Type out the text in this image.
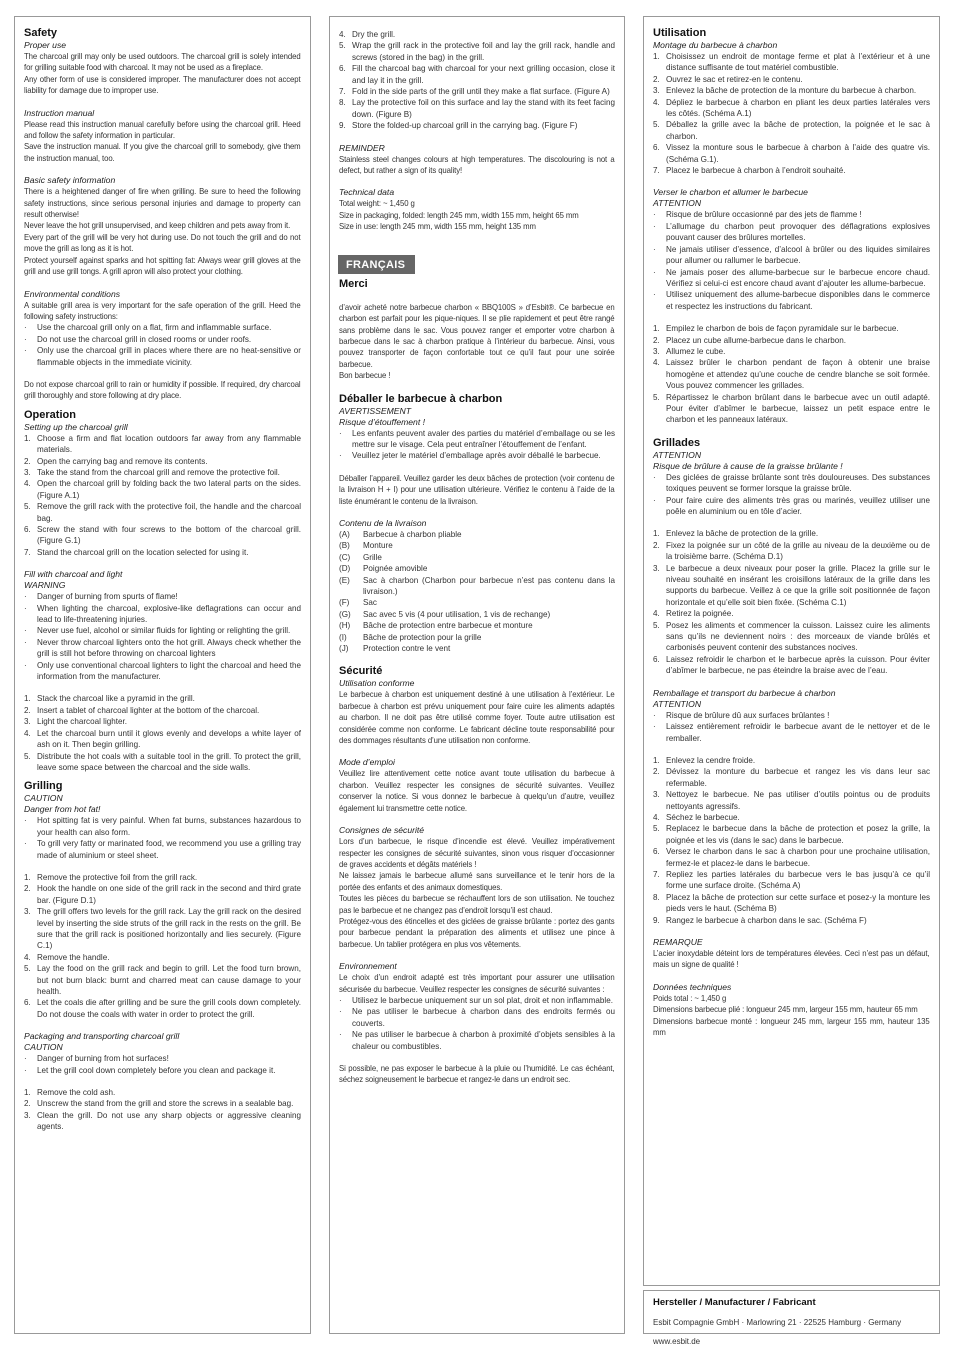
Safety

Proper use

The charcoal grill may only be used outdoors. The charcoal grill is solely intended for grilling suitable food with charcoal. It may not be used as a fireplace.

Any other form of use is considered improper. The manufacturer does not accept liability for damage due to improper use.

Instruction manual

Please read this instruction manual carefully before using the charcoal grill. Heed and follow the safety information in particular.

Save the instruction manual. If you give the charcoal grill to somebody, give them the instruction manual, too.

Basic safety information

There is a heightened danger of fire when grilling. Be sure to heed the following safety instructions, since serious personal injuries and damage to property can result otherwise!

Never leave the hot grill unsupervised, and keep children and pets away from it.

Every part of the grill will be very hot during use. Do not touch the grill and do not move the grill as long as it is hot.

Protect yourself against sparks and hot spitting fat: Always wear grill gloves at the grill and use grill tongs. A grill apron will also protect your clothing.

Environmental conditions

A suitable grill area is very important for the safe operation of the grill. Heed the following safety instructions:

·	Use the charcoal grill only on a flat, firm and inflammable surface.
·	Do not use the charcoal grill in closed rooms or under roofs.
·	Only use the charcoal grill in places where there are no heat-sensitive or flammable objects in the immediate vicinity.

Do not expose charcoal grill to rain or humidity if possible. If required, dry charcoal grill thoroughly and store following at dry place.

Operation

Setting up the charcoal grill

1. Choose a firm and flat location outdoors far away from any flammable materials.
2. Open the carrying bag and remove its contents.
3. Take the stand from the charcoal grill and remove the protective foil.
4. Open the charcoal grill by folding back the two lateral parts on the sides. (Figure A.1)
5. Remove the grill rack with the protective foil, the handle and the charcoal bag.
6. Screw the stand with four screws to the bottom of the charcoal grill. (Figure G.1)
7. Stand the charcoal grill on the location selected for using it.

Fill with charcoal and light

WARNING

·	Danger of burning from spurts of flame!
·	When lighting the charcoal, explosive-like deflagrations can occur and lead to life-threatening injuries.
·	Never use fuel, alcohol or similar fluids for lighting or relighting the grill.
·	Never throw charcoal lighters onto the hot grill. Always check whether the grill is still hot before throwing on charcoal lighters
·	Only use conventional charcoal lighters to light the charcoal and heed the information from the manufacturer.
1. Stack the charcoal like a pyramid in the grill.
2. Insert a tablet of charcoal lighter at the bottom of the charcoal.
3. Light the charcoal lighter.
4. Let the charcoal burn until it glows evenly and develops a white layer of ash on it. Then begin grilling.
5. Distribute the hot coals with a suitable tool in the grill. To protect the grill, leave some space between the charcoal and the side walls.

Grilling

CAUTION

Danger from hot fat!

·	Hot spitting fat is very painful. When fat burns, substances hazardous to your health can also form.
·	To grill very fatty or marinated food, we recommend you use a grilling tray made of aluminium or steel sheet.
1. Remove the protective foil from the grill rack.
2. Hook the handle on one side of the grill rack in the second and third grate bar. (Figure D.1)
3. The grill offers two levels for the grill rack. Lay the grill rack on the desired level by inserting the side struts of the grill rack in the rests on the grill. Be sure that the grill rack is positioned horizontally and lies securely. (Figure C.1)
4. Remove the handle.
5. Lay the food on the grill rack and begin to grill. Let the food turn brown, but not burn black: burnt and charred meat can cause damage to your health.
6. Let the coals die after grilling and be sure the grill cools down completely. Do not douse the coals with water in order to protect the grill.

Packaging and transporting charcoal grill

CAUTION

·	Danger of burning from hot surfaces!
·	Let the grill cool down completely before you clean and package it.
1. Remove the cold ash.
2. Unscrew the stand from the grill and store the screws in a sealable bag.
3. Clean the grill. Do not use any sharp objects or aggressive cleaning agents.
4. Dry the grill.
5. Wrap the grill rack in the protective foil and lay the grill rack, handle and screws (stored in the bag) in the grill.
6. Fill the charcoal bag with charcoal for your next grilling occasion, close it and lay it in the grill.
7. Fold in the side parts of the grill until they make a flat surface. (Figure A)
8. Lay the protective foil on this surface and lay the stand with its feet facing down. (Figure B)
9. Store the folded-up charcoal grill in the carrying bag. (Figure F)

REMINDER

Stainless steel changes colours at high temperatures. The discolouring is not a defect, but rather a sign of its quality!

Technical data

Total weight: ~ 1,450 g

Size in packaging, folded: length 245 mm, width 155 mm, height 65 mm

Size in use: length 245 mm, width 155 mm, height 135 mm

FRANÇAIS

Merci

d’avoir acheté notre barbecue charbon « BBQ100S » d’Esbit®. Ce barbecue en charbon est parfait pour les pique-niques. Il se plie rapidement et peut être rangé sans problème dans le sac. Vous pouvez ranger et emporter votre charbon à barbecue dans le sac à charbon pratique à l’intérieur du barbecue. Ainsi, vous pouvez transporter de façon confortable tout ce qu’il faut pour une soirée barbecue.

Bon barbecue !

Déballer le barbecue à charbon

AVERTISSEMENT

Risque d’étouffement !

·	Les enfants peuvent avaler des parties du matériel d’emballage ou se les mettre sur le visage. Cela peut entraîner l’étouffement de l’enfant.
·	Veuillez jeter le matériel d’emballage après avoir déballé le barbecue.

Déballer l’appareil. Veuillez garder les deux bâches de protection (voir contenu de la livraison H + I) pour une utilisation ultérieure. Vérifiez le contenu à l’aide de la liste énumérant le contenu de la livraison.

Contenu de la livraison

(A)	Barbecue à charbon pliable
(B)	Monture
(C)	Grille
(D)	Poignée amovible
(E)	Sac à charbon (Charbon pour barbecue n’est pas contenu dans la livraison.)
(F)	Sac
(G)	Sac avec 5 vis (4 pour utilisation, 1 vis de rechange)
(H)	Bâche de protection entre barbecue et monture
(I)	Bâche de protection pour la grille
(J)	Protection contre le vent

Sécurité

Utilisation conforme

Le barbecue à charbon est uniquement destiné à une utilisation à l’extérieur. Le barbecue à charbon est prévu uniquement pour faire cuire les aliments adaptés au charbon. Il ne doit pas être utilisé comme foyer. Toute autre utilisation est considérée comme non conforme. Le fabricant décline toute responsabilité pour des dommages résultants d’une utilisation non conforme.

Mode d’emploi

Veuillez lire attentivement cette notice avant toute utilisation du barbecue à charbon. Veuillez respecter les consignes de sécurité suivantes. Veuillez conserver la notice. Si vous donnez le barbecue à quelqu’un d’autre, veuillez également lui transmettre cette notice.

Consignes de sécurité

Lors d’un barbecue, le risque d’incendie est élevé. Veuillez impérativement respecter les consignes de sécurité suivantes, sinon vous risquer d’occasionner de graves accidents et dégâts matériels !

Ne laissez jamais le barbecue allumé sans surveillance et le tenir hors de la portée des enfants et des animaux domestiques.

Toutes les pièces du barbecue se réchauffent lors de son utilisation. Ne touchez pas le barbecue et ne changez pas d’endroit lorsqu’il est chaud.

Protégez-vous des étincelles et des giclées de graisse brûlante : portez des gants pour barbecue pendant la préparation des aliments et utilisez une pince à barbecue. Un tablier protégera en plus vos vêtements.

Environnement

Le choix d’un endroit adapté est très important pour assurer une utilisation sécurisée du barbecue. Veuillez respecter les consignes de sécurité suivantes :

·	Utilisez le barbecue uniquement sur un sol plat, droit et non inflammable.
·	Ne pas utiliser le barbecue à charbon dans des endroits fermés ou couverts.
·	Ne pas utiliser le barbecue à charbon à proximité d’objets sensibles à la chaleur ou combustibles.

Si possible, ne pas exposer le barbecue à la pluie ou l’humidité. Le cas échéant, séchez soigneusement le barbecue et rangez-le dans un endroit sec.

Utilisation

Montage du barbecue à charbon

1. Choisissez un endroit de montage ferme et plat à l’extérieur et à une distance suffisante de tout matériel combustible.
2. Ouvrez le sac et retirez-en le contenu.
3. Enlevez la bâche de protection de la monture du barbecue à charbon.
4. Dépliez le barbecue à charbon en pliant les deux parties latérales vers les côtés. (Schéma A.1)
5. Déballez la grille avec la bâche de protection, la poignée et le sac à charbon.
6. Vissez la monture sous le barbecue à charbon à l’aide des quatre vis. (Schéma G.1).
7. Placez le barbecue à charbon à l’endroit souhaité.

Verser le charbon et allumer le barbecue

ATTENTION

·	Risque de brûlure occasionné par des jets de flamme !
·	L’allumage du charbon peut provoquer des déflagrations explosives pouvant causer des brûlures mortelles.
·	Ne jamais utiliser d’essence, d’alcool à brûler ou des liquides similaires pour allumer ou rallumer le barbecue.
·	Ne jamais poser des allume-barbecue sur le barbecue encore chaud. Vérifiez si celui-ci est encore chaud avant d’ajouter les allume-barbecue.
·	Utilisez uniquement des allume-barbecue disponibles dans le commerce et respectez les instructions du fabricant.
1. Empilez le charbon de bois de façon pyramidale sur le barbecue.
2. Placez un cube allume-barbecue dans le charbon.
3. Allumez le cube.
4. Laissez brûler le charbon pendant de façon à obtenir une braise homogène et attendez qu’une couche de cendre blanche se soit formée. Vous pouvez commencer les grillades.
5. Répartissez le charbon brûlant dans le barbecue avec un outil adapté. Pour éviter d’abîmer le barbecue, laissez un petit espace entre le charbon et les panneaux latéraux.

Grillades

ATTENTION

Risque de brûlure à cause de la graisse brûlante !

·	Des giclées de graisse brûlante sont très douloureuses. Des substances toxiques peuvent se former lorsque la graisse brûle.
·	Pour faire cuire des aliments très gras ou marinés, veuillez utiliser une poêle en aluminium ou en tôle d’acier.
1. Enlevez la bâche de protection de la grille.
2. Fixez la poignée sur un côté de la grille au niveau de la deuxième ou de la troisième barre. (Schéma D.1)
3. Le barbecue a deux niveaux pour poser la grille. Placez la grille sur le niveau souhaité en insérant les croisillons latéraux de la grille dans les supports du barbecue. Veillez à ce que la grille soit positionnée de façon horizontale et qu’elle soit bien fixée. (Schéma C.1)
4. Retirez la poignée.
5. Posez les aliments et commencer la cuisson. Laissez cuire les aliments sans qu’ils ne deviennent noirs : des morceaux de viande brûlés et carbonisés peuvent contenir des substances nocives.
6. Laissez refroidir le charbon et le barbecue après la cuisson. Pour éviter d’abîmer le barbecue, ne pas éteindre la braise avec de l’eau.

Remballage et transport du barbecue à charbon

ATTENTION

·	Risque de brûlure dû aux surfaces brûlantes !
·	Laissez entièrement refroidir le barbecue avant de le nettoyer et de le remballer.
1. Enlevez la cendre froide.
2. Dévissez la monture du barbecue et rangez les vis dans leur sac refermable.
3. Nettoyez le barbecue. Ne pas utiliser d’outils pointus ou de produits nettoyants agressifs.
4. Séchez le barbecue.
5. Replacez le barbecue dans la bâche de protection et posez la grille, la poignée et les vis (dans le sac) dans le barbecue.
6. Versez le charbon dans le sac à charbon pour une prochaine utilisation, fermez-le et placez-le dans le barbecue.
7. Repliez les parties latérales du barbecue vers le bas jusqu’à ce qu’il forme une surface droite. (Schéma A)
8. Placez la bâche de protection sur cette surface et posez-y la monture les pieds vers le haut. (Schéma B)
9. Rangez le barbecue à charbon dans le sac. (Schéma F)

REMARQUE

L’acier inoxydable déteint lors de températures élevées. Ceci n’est pas un défaut, mais un signe de qualité !

Données techniques

Poids total : ~ 1,450 g

Dimensions barbecue plié : longueur 245 mm, largeur 155 mm, hauteur 65 mm

Dimensions barbecue monté : longueur 245 mm, largeur 155 mm, hauteur 135 mm

Hersteller / Manufacturer / Fabricant

Esbit Compagnie GmbH · Marlowring 21 · 22525 Hamburg · Germany

www.esbit.de
